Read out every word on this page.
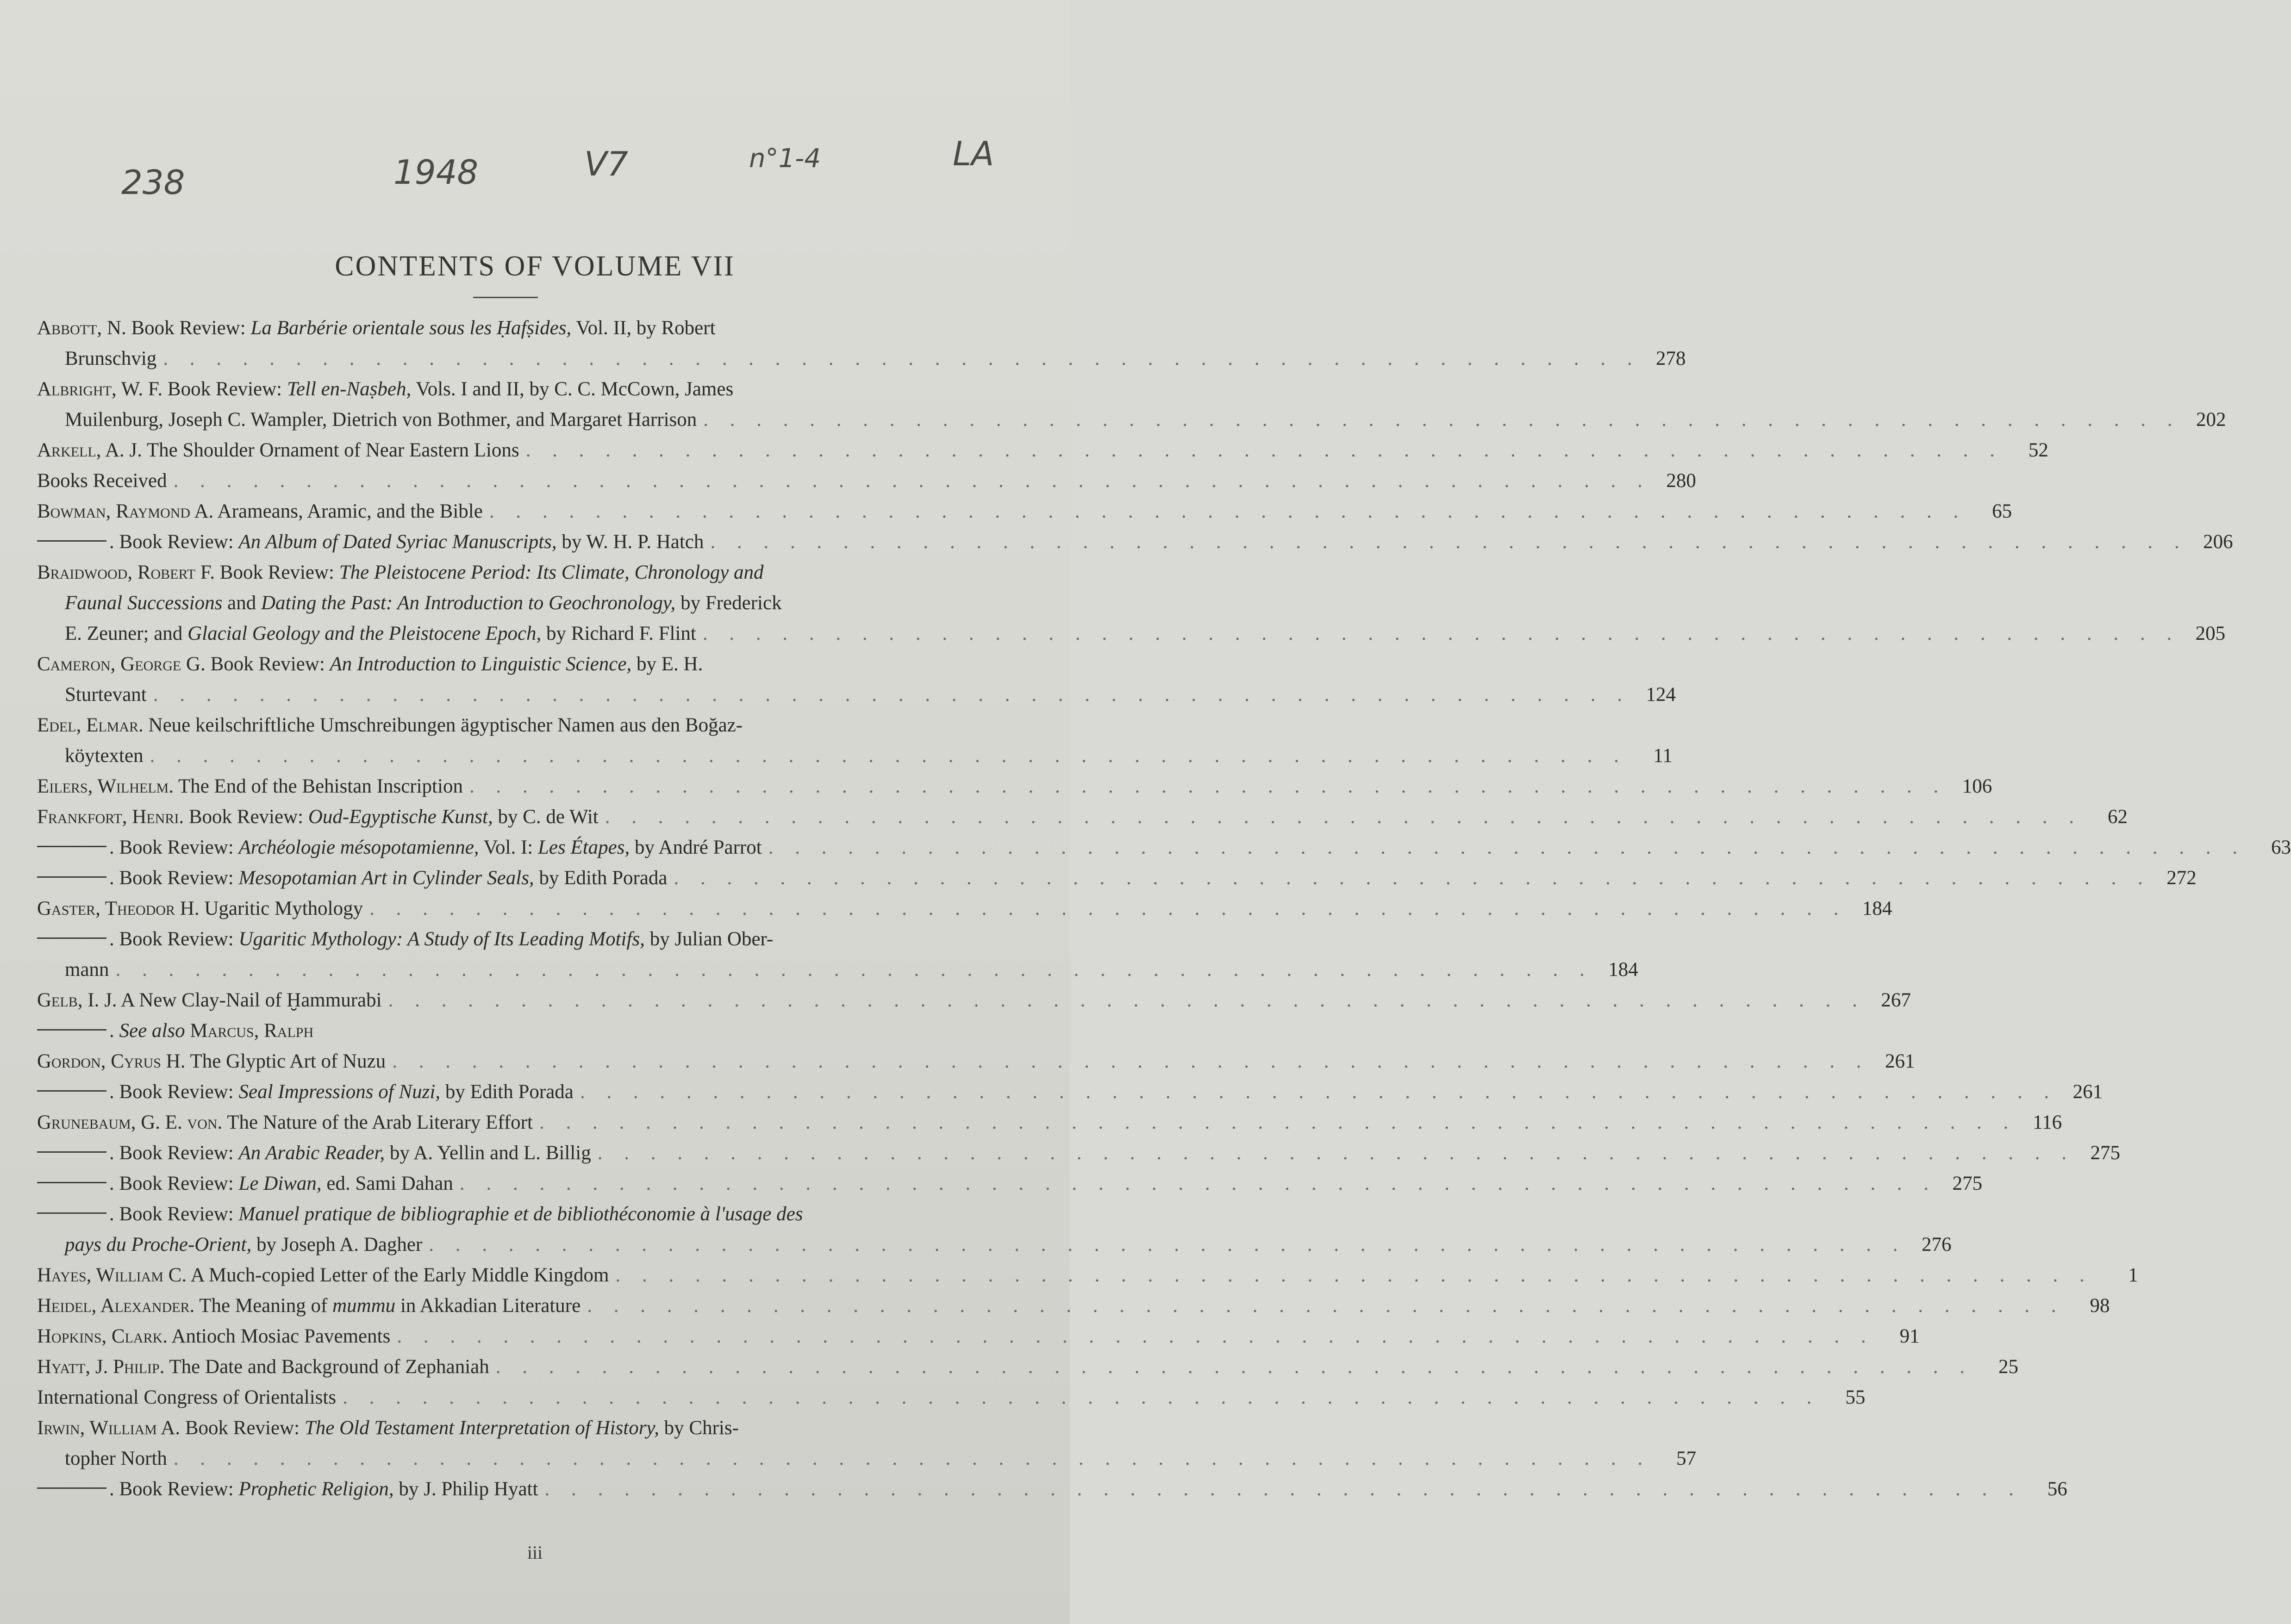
238	1948	V7	n°1-4	LA
CONTENTS OF VOLUME VII
Abbott, N. Book Review: La Barbérie orientale sous les Ḥafṣides, Vol. II, by Robert
Brunschvig . . . . . . . . . . . . . . . . . . . . . . . . . . . . . . . . . . . . . . . . . . . . . . . . . . . . . . . . 278
Albright, W. F. Book Review: Tell en-Naṣbeh, Vols. I and II, by C. C. McCown, James
Muilenburg, Joseph C. Wampler, Dietrich von Bothmer, and Margaret Harrison . . . . . . . . . . . . . . . . . . . . . . . . . . . . . . . . . . . . . . . . . . . . . . . . . . . . . . . . 202
Arkell, A. J. The Shoulder Ornament of Near Eastern Lions . . . . . . . . . . . . . . . . . . . . . . . . . . . . . . . . . . . . . . . . . . . . . . . . . . . . . . . .	52
Books Received . . . . . . . . . . . . . . . . . . . . . . . . . . . . . . . . . . . . . . . . . . . . . . . . . . . . . . . . 280
Bowman, Raymond A. Arameans, Aramic, and the Bible . . . . . . . . . . . . . . . . . . . . . . . . . . . . . . . . . . . . . . . . . . . . . . . . . . . . . . . .	65
. Book Review: An Album of Dated Syriac Manuscripts, by W. H. P. Hatch . . . . . . . . . . . . . . . . . . . . . . . . . . . . . . . . . . . . . . . . . . . . . . . . . . . . . . . . 206
Braidwood, Robert F. Book Review: The Pleistocene Period: Its Climate, Chronology and
Faunal Successions and Dating the Past: An Introduction to Geochronology, by Frederick
E. Zeuner; and Glacial Geology and the Pleistocene Epoch, by Richard F. Flint . . . . . . . . . . . . . . . . . . . . . . . . . . . . . . . . . . . . . . . . . . . . . . . . . . . . . . . . 205
Cameron, George G. Book Review: An Introduction to Linguistic Science, by E. H.
Sturtevant . . . . . . . . . . . . . . . . . . . . . . . . . . . . . . . . . . . . . . . . . . . . . . . . . . . . . . . . 124
Edel, Elmar. Neue keilschriftliche Umschreibungen ägyptischer Namen aus den Boğaz-
köytexten . . . . . . . . . . . . . . . . . . . . . . . . . . . . . . . . . . . . . . . . . . . . . . . . . . . . . . . .	11
Eilers, Wilhelm. The End of the Behistan Inscription . . . . . . . . . . . . . . . . . . . . . . . . . . . . . . . . . . . . . . . . . . . . . . . . . . . . . . . . 106
Frankfort, Henri. Book Review: Oud-Egyptische Kunst, by C. de Wit . . . . . . . . . . . . . . . . . . . . . . . . . . . . . . . . . . . . . . . . . . . . . . . . . . . . . . . .	62
. Book Review: Archéologie mésopotamienne, Vol. I: Les Étapes, by André Parrot . . . . . . . . . . . . . . . . . . . . . . . . . . . . . . . . . . . . . . . . . . . . . . . . . . . . . . . .	63
. Book Review: Mesopotamian Art in Cylinder Seals, by Edith Porada . . . . . . . . . . . . . . . . . . . . . . . . . . . . . . . . . . . . . . . . . . . . . . . . . . . . . . . . 272
Gaster, Theodor H. Ugaritic Mythology . . . . . . . . . . . . . . . . . . . . . . . . . . . . . . . . . . . . . . . . . . . . . . . . . . . . . . . . 184
. Book Review: Ugaritic Mythology: A Study of Its Leading Motifs, by Julian Ober-
mann . . . . . . . . . . . . . . . . . . . . . . . . . . . . . . . . . . . . . . . . . . . . . . . . . . . . . . . . 184
Gelb, I. J. A New Clay-Nail of Ḫammurabi . . . . . . . . . . . . . . . . . . . . . . . . . . . . . . . . . . . . . . . . . . . . . . . . . . . . . . . . 267
. See also Marcus, Ralph
Gordon, Cyrus H. The Glyptic Art of Nuzu . . . . . . . . . . . . . . . . . . . . . . . . . . . . . . . . . . . . . . . . . . . . . . . . . . . . . . . . 261
. Book Review: Seal Impressions of Nuzi, by Edith Porada . . . . . . . . . . . . . . . . . . . . . . . . . . . . . . . . . . . . . . . . . . . . . . . . . . . . . . . . 261
Grunebaum, G. E. von. The Nature of the Arab Literary Effort . . . . . . . . . . . . . . . . . . . . . . . . . . . . . . . . . . . . . . . . . . . . . . . . . . . . . . . . 116
. Book Review: An Arabic Reader, by A. Yellin and L. Billig . . . . . . . . . . . . . . . . . . . . . . . . . . . . . . . . . . . . . . . . . . . . . . . . . . . . . . . . 275
. Book Review: Le Diwan, ed. Sami Dahan . . . . . . . . . . . . . . . . . . . . . . . . . . . . . . . . . . . . . . . . . . . . . . . . . . . . . . . . 275
. Book Review: Manuel pratique de bibliographie et de bibliothéconomie à l'usage des
pays du Proche-Orient, by Joseph A. Dagher . . . . . . . . . . . . . . . . . . . . . . . . . . . . . . . . . . . . . . . . . . . . . . . . . . . . . . . . 276
Hayes, William C. A Much-copied Letter of the Early Middle Kingdom . . . . . . . . . . . . . . . . . . . . . . . . . . . . . . . . . . . . . . . . . . . . . . . . . . . . . . . .	1
Heidel, Alexander. The Meaning of mummu in Akkadian Literature . . . . . . . . . . . . . . . . . . . . . . . . . . . . . . . . . . . . . . . . . . . . . . . . . . . . . . . .	98
Hopkins, Clark. Antioch Mosiac Pavements . . . . . . . . . . . . . . . . . . . . . . . . . . . . . . . . . . . . . . . . . . . . . . . . . . . . . . . .	91
Hyatt, J. Philip. The Date and Background of Zephaniah . . . . . . . . . . . . . . . . . . . . . . . . . . . . . . . . . . . . . . . . . . . . . . . . . . . . . . . .	25
International Congress of Orientalists . . . . . . . . . . . . . . . . . . . . . . . . . . . . . . . . . . . . . . . . . . . . . . . . . . . . . . . .	55
Irwin, William A. Book Review: The Old Testament Interpretation of History, by Chris-
topher North . . . . . . . . . . . . . . . . . . . . . . . . . . . . . . . . . . . . . . . . . . . . . . . . . . . . . . . .	57
. Book Review: Prophetic Religion, by J. Philip Hyatt . . . . . . . . . . . . . . . . . . . . . . . . . . . . . . . . . . . . . . . . . . . . . . . . . . . . . . . .	56
iii
